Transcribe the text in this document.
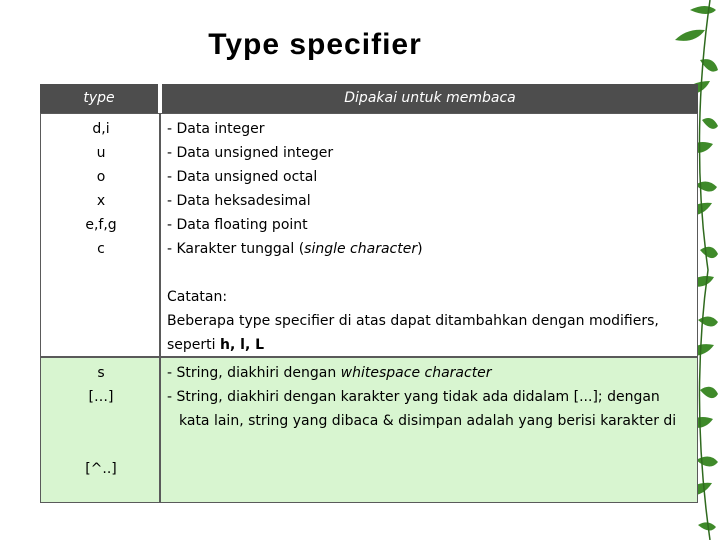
Type specifier
type	Dipakai untuk membaca
d,i
u
o
x
e,f,g
c
- Data integer
- Data unsigned integer
- Data unsigned octal
- Data heksadesimal
- Data floating point
- Karakter tunggal (single character)
Catatan:
Beberapa type specifier di atas dapat ditambahkan dengan modifiers,
seperti h, l, L
s
[…]
[^..]
- String, diakhiri dengan whitespace character
- String, diakhiri dengan karakter yang tidak ada didalam [...]; dengan
kata lain, string yang dibaca & disimpan adalah yang berisi karakter di
